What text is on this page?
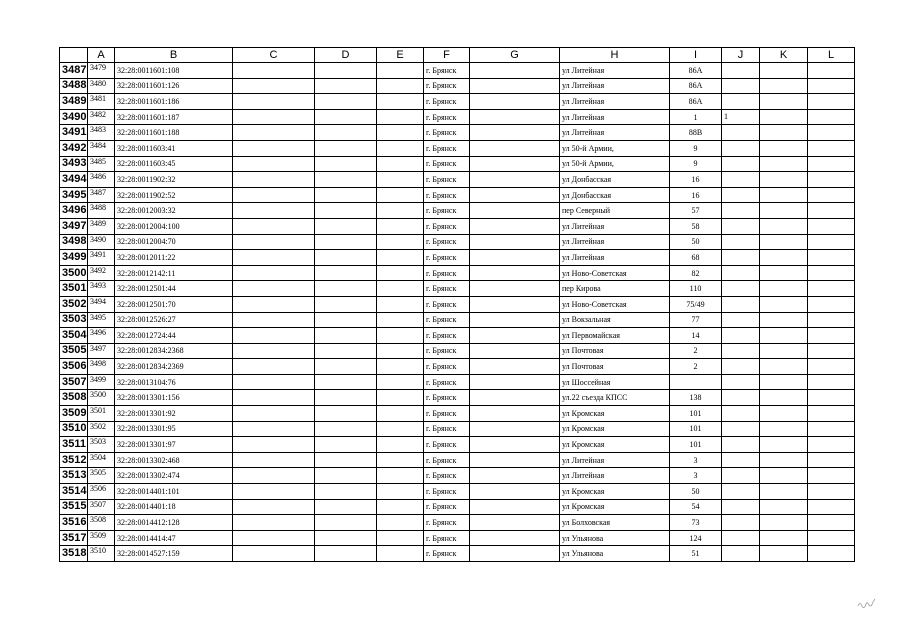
	A	B	C	D	E	F	G	H	I	J	K	L
3487	3479	32:28:0011601:108				г. Брянск		ул Литейная	86А	

3488	3480	32:28:0011601:126				г. Брянск		ул Литейная	86А	

3489	3481	32:28:0011601:186				г. Брянск		ул Литейная	86А	

3490	3482	32:28:0011601:187				г. Брянск		ул Литейная	1	1		

3491	3483	32:28:0011601:188				г. Брянск		ул Литейная	88В	

3492	3484	32:28:0011603:41				г. Брянск		ул 50-й Армии,	9	

3493	3485	32:28:0011603:45				г. Брянск		ул 50-й Армии,	9	

3494	3486	32:28:0011902:32				г. Брянск		ул Донбасская	16	

3495	3487	32:28:0011902:52				г. Брянск		ул Донбасская	16	

3496	3488	32:28:0012003:32				г. Брянск		пер Северный	57	

3497	3489	32:28:0012004:100				г. Брянск		ул Литейная	58	

3498	3490	32:28:0012004:70				г. Брянск		ул Литейная	50	

3499	3491	32:28:0012011:22				г. Брянск		ул Литейная	68	

3500	3492	32:28:0012142:11				г. Брянск		ул Ново-Советская	82	

3501	3493	32:28:0012501:44				г. Брянск		пер Кирова	110	

3502	3494	32:28:0012501:70				г. Брянск		ул Ново-Советская	75/49	

3503	3495	32:28:0012526:27				г. Брянск		ул Вокзальная	77	

3504	3496	32:28:0012724:44				г. Брянск		ул Первомайская	14	

3505	3497	32:28:0012834:2368				г. Брянск		ул Почтовая	2	

3506	3498	32:28:0012834:2369				г. Брянск		ул Почтовая	2	

3507	3499	32:28:0013104:76				г. Брянск		ул Шоссейная		

3508	3500	32:28:0013301:156				г. Брянск		ул.22 съезда КПСС	138	

3509	3501	32:28:0013301:92				г. Брянск		ул Кромская	101	

3510	3502	32:28:0013301:95				г. Брянск		ул Кромская	101	

3511	3503	32:28:0013301:97				г. Брянск		ул Кромская	101	

3512	3504	32:28:0013302:468				г. Брянск		ул Литейная	3	

3513	3505	32:28:0013302:474				г. Брянск		ул Литейная	3	

3514	3506	32:28:0014401:101				г. Брянск		ул Кромская	50	

3515	3507	32:28:0014401:18				г. Брянск		ул Кромская	54	

3516	3508	32:28:0014412:128				г. Брянск		ул Болховская	73	

3517	3509	32:28:0014414:47				г. Брянск		ул Ульянова	124	

3518	3510	32:28:0014527:159				г. Брянск		ул Ульянова	51	
